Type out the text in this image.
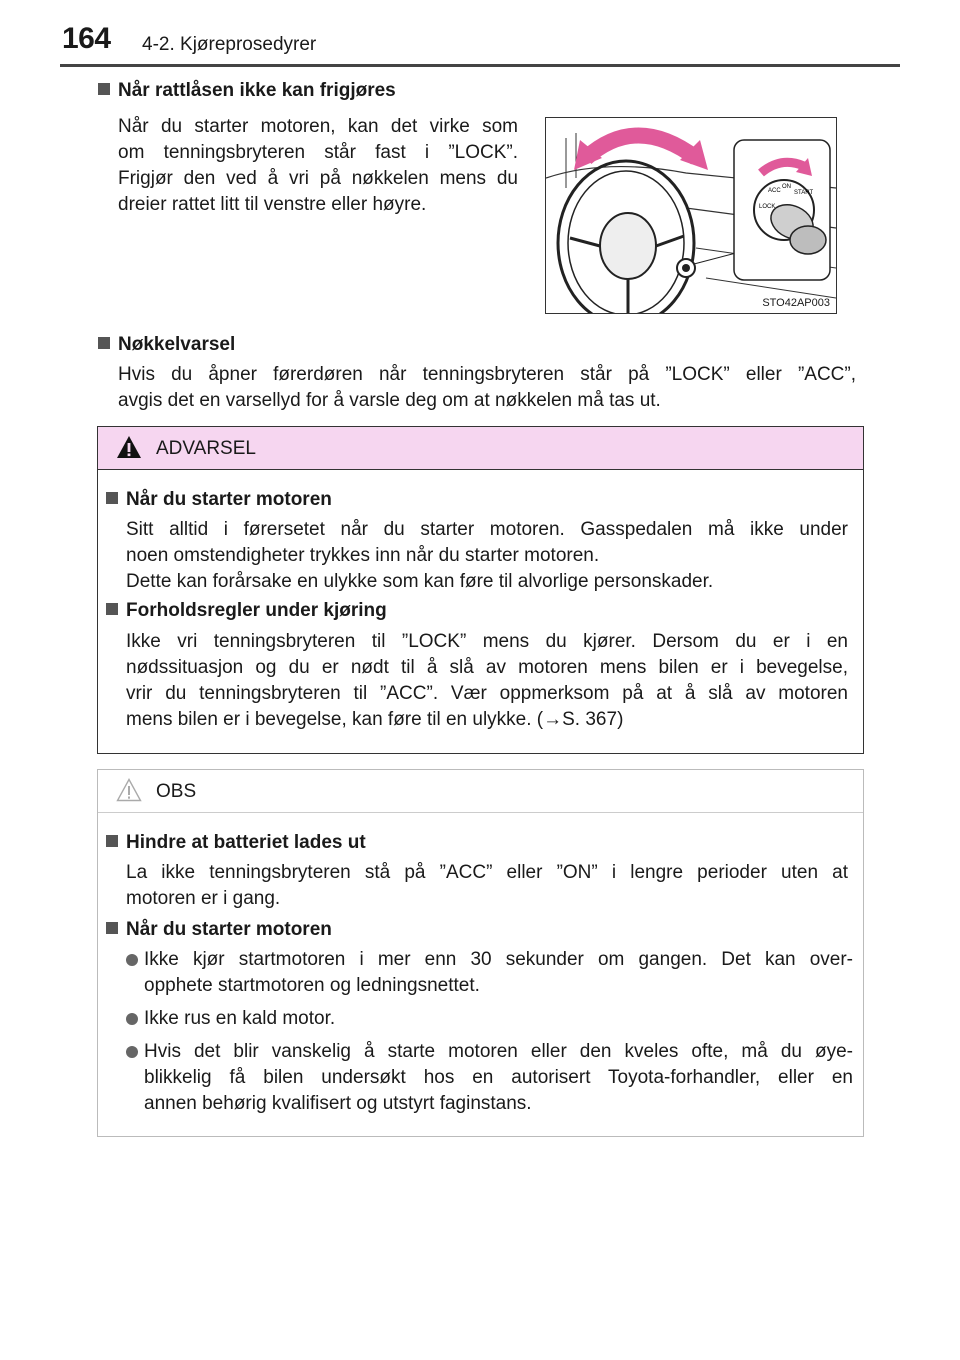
164 4-2. Kjøreprosedyrer
Når rattlåsen ikke kan frigjøres
Når du starter motoren, kan det virke som
om tenningsbryteren står fast i ”LOCK”.
Frigjør den ved å vri på nøkkelen mens du
dreier rattet litt til venstre eller høyre.	LOCK
ACC
ON
START
STO42AP003
Nøkkelvarsel
Hvis du åpner førerdøren når tenningsbryteren står på ”LOCK” eller ”ACC”,
avgis det en varsellyd for å varsle deg om at nøkkelen må tas ut.
ADVARSEL
Når du starter motoren
Sitt alltid i førersetet når du starter motoren. Gasspedalen må ikke under
noen omstendigheter trykkes inn når du starter motoren.
Dette kan forårsake en ulykke som kan føre til alvorlige personskader.
Forholdsregler under kjøring
Ikke vri tenningsbryteren til ”LOCK” mens du kjører. Dersom du er i en
nødssituasjon og du er nødt til å slå av motoren mens bilen er i bevegelse,
vrir du tenningsbryteren til ”ACC”. Vær oppmerksom på at å slå av motoren
mens bilen er i bevegelse, kan føre til en ulykke. (→S. 367)
OBS
Hindre at batteriet lades ut
La ikke tenningsbryteren stå på ”ACC” eller ”ON” i lengre perioder uten at
motoren er i gang.
Når du starter motoren
Ikke kjør startmotoren i mer enn 30 sekunder om gangen. Det kan over-
opphete startmotoren og ledningsnettet.
Ikke rus en kald motor.
Hvis det blir vanskelig å starte motoren eller den kveles ofte, må du øye-
blikkelig få bilen undersøkt hos en autorisert Toyota-forhandler, eller en
annen behørig kvalifisert og utstyrt faginstans.
